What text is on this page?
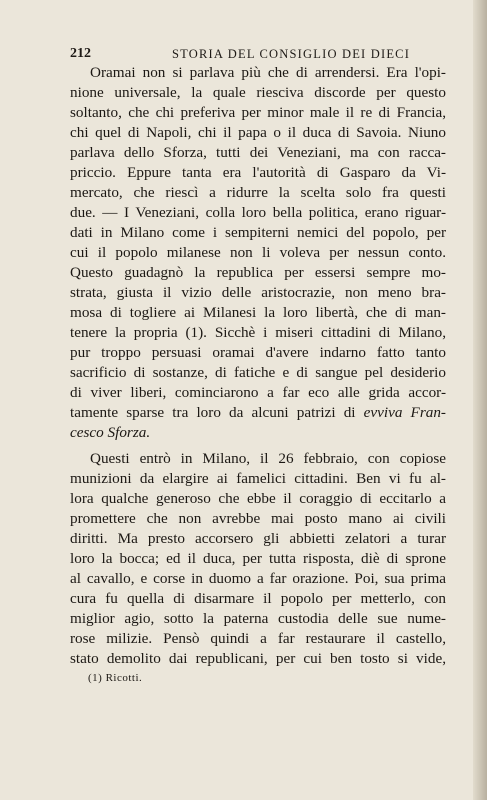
212	STORIA DEL CONSIGLIO DEI DIECI
Oramai non si parlava più che di arrendersi. Era l'opi-
nione universale, la quale riesciva discorde per questo
soltanto, che chi preferiva per minor male il re di Francia,
chi quel di Napoli, chi il papa o il duca di Savoia. Niuno
parlava dello Sforza, tutti dei Veneziani, ma con racca-
priccio. Eppure tanta era l'autorità di Gasparo da Vi-
mercato, che riescì a ridurre la scelta solo fra questi
due. — I Veneziani, colla loro bella politica, erano riguar-
dati in Milano come i sempiterni nemici del popolo, per
cui il popolo milanese non li voleva per nessun conto.
Questo guadagnò la republica per essersi sempre mo-
strata, giusta il vizio delle aristocrazie, non meno bra-
mosa di togliere ai Milanesi la loro libertà, che di man-
tenere la propria (1). Sicchè i miseri cittadini di Milano,
pur troppo persuasi oramai d'avere indarno fatto tanto
sacrificio di sostanze, di fatiche e di sangue pel desiderio
di viver liberi, cominciarono a far eco alle grida accor-
tamente sparse tra loro da alcuni patrizi di evviva Fran-
cesco Sforza.
Questi entrò in Milano, il 26 febbraio, con copiose
munizioni da elargire ai famelici cittadini. Ben vi fu al-
lora qualche generoso che ebbe il coraggio di eccitarlo a
promettere che non avrebbe mai posto mano ai civili
diritti. Ma presto accorsero gli abbietti zelatori a turar
loro la bocca; ed il duca, per tutta risposta, diè di sprone
al cavallo, e corse in duomo a far orazione. Poi, sua prima
cura fu quella di disarmare il popolo per metterlo, con
miglior agio, sotto la paterna custodia delle sue nume-
rose milizie. Pensò quindi a far restaurare il castello,
stato demolito dai republicani, per cui ben tosto si vide,
(1) Ricotti.
